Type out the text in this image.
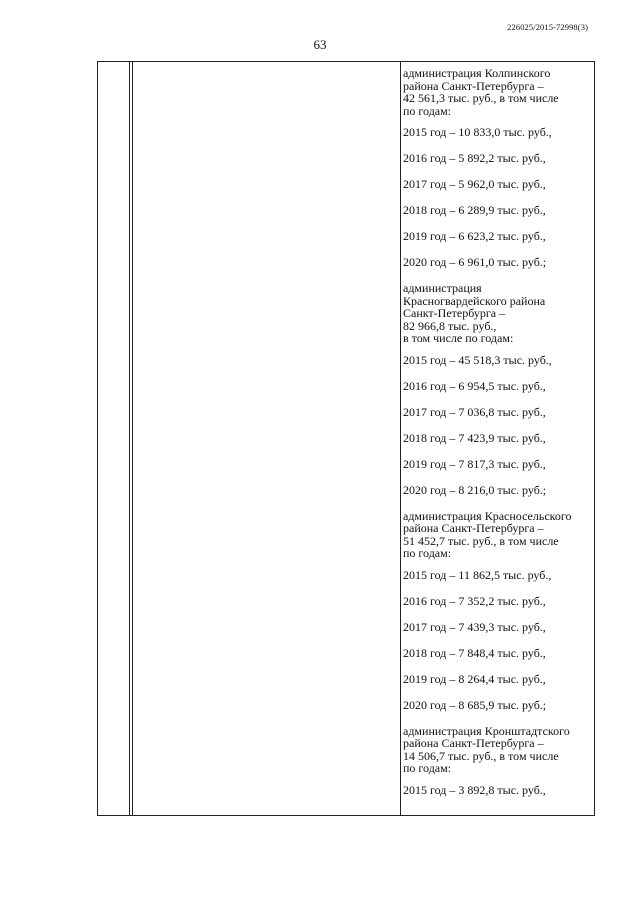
226025/2015-72998(3)
63
администрация Колпинского
района Санкт-Петербурга –
42 561,3 тыс. руб., в том числе
по годам:

2015 год – 10 833,0 тыс. руб.,

2016 год – 5 892,2 тыс. руб.,

2017 год – 5 962,0 тыс. руб.,

2018 год – 6 289,9 тыс. руб.,

2019 год – 6 623,2 тыс. руб.,

2020 год – 6 961,0 тыс. руб.;

администрация
Красногвардейского района
Санкт-Петербурга –
82 966,8 тыс. руб.,
в том числе по годам:

2015 год – 45 518,3 тыс. руб.,

2016 год – 6 954,5 тыс. руб.,

2017 год – 7 036,8 тыс. руб.,

2018 год – 7 423,9 тыс. руб.,

2019 год – 7 817,3 тыс. руб.,

2020 год – 8 216,0 тыс. руб.;

администрация Красносельского
района Санкт-Петербурга –
51 452,7 тыс. руб., в том числе
по годам:

2015 год – 11 862,5 тыс. руб.,

2016 год – 7 352,2 тыс. руб.,

2017 год – 7 439,3 тыс. руб.,

2018 год – 7 848,4 тыс. руб.,

2019 год – 8 264,4 тыс. руб.,

2020 год – 8 685,9 тыс. руб.;

администрация Кронштадтского
района Санкт-Петербурга –
14 506,7 тыс. руб., в том числе
по годам:

2015 год – 3 892,8 тыс. руб.,
